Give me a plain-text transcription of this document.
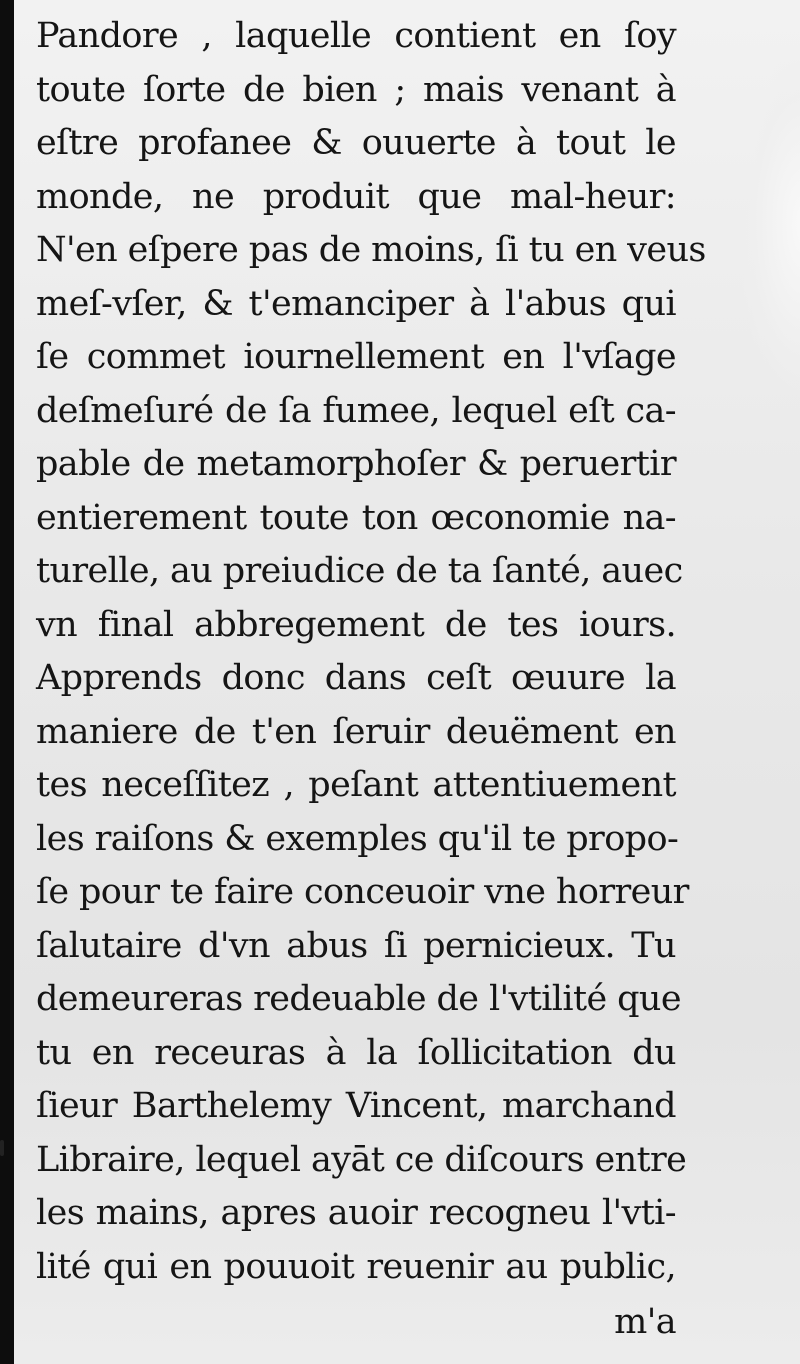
Pandore , laquelle contient en ſoy
toute ſorte de bien ; mais venant à
eſtre profanee & ouuerte à tout le
monde, ne produit que mal-heur:
N'en eſpere pas de moins, ſi tu en veus
meſ-vſer, & t'emanciper à l'abus qui
ſe commet iournellement en l'vſage
deſmeſuré de ſa fumee, lequel eſt ca-
pable de metamorphoſer & peruertir
entierement toute ton œconomie na-
turelle, au preiudice de ta ſanté, auec
vn final abbregement de tes iours.
Apprends donc dans ceſt œuure la
maniere de t'en ſeruir deuëment en
tes neceſſitez , peſant attentiuement
les raiſons & exemples qu'il te propo-
ſe pour te faire conceuoir vne horreur
ſalutaire d'vn abus ſi pernicieux. Tu
demeureras redeuable de l'vtilité que
tu en receuras à la ſollicitation du
ſieur Barthelemy Vincent, marchand
Libraire, lequel ayāt ce diſcours entre
les mains, apres auoir recogneu l'vti-
lité qui en pouuoit reuenir au public,
m'a
